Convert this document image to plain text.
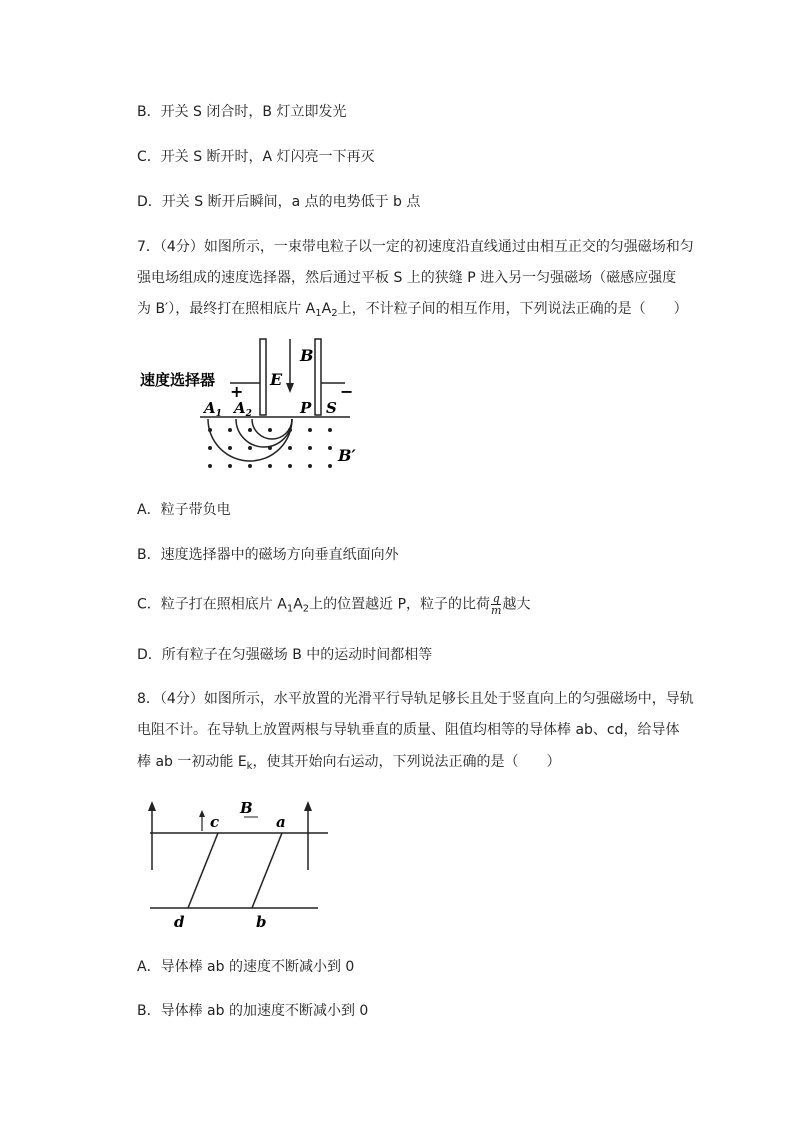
B．开关 S 闭合时，B 灯立即发光
C．开关 S 断开时，A 灯闪亮一下再灭
D．开关 S 断开后瞬间，a 点的电势低于 b 点
7．（4分）如图所示，一束带电粒子以一定的初速度沿直线通过由相互正交的匀强磁场和匀
强电场组成的速度选择器，然后通过平板 S 上的狭缝 P 进入另一匀强磁场（磁感应强度
为 B′），最终打在照相底片 $A_1A_2$上，不计粒子间的相互作用，下列说法正确的是（　　）
速度选择器
+	−
E
B
$A_1$ $A_2$	P S
B′
A．粒子带负电
B．速度选择器中的磁场方向垂直纸面向外
C．粒子打在照相底片 $A_1A_2$上的位置越近 P，粒子的比荷 $\frac{q}{m}$ 越大
D．所有粒子在匀强磁场 B 中的运动时间都相等
8．（4分）如图所示，水平放置的光滑平行导轨足够长且处于竖直向上的匀强磁场中，导轨
电阻不计。在导轨上放置两根与导轨垂直的质量、阻值均相等的导体棒 ab、cd，给导体
棒 ab 一初动能 $E_k$，使其开始向右运动，下列说法正确的是（　　）
c
B
a
d	b
A．导体棒 ab 的速度不断减小到 0
B．导体棒 ab 的加速度不断减小到 0
